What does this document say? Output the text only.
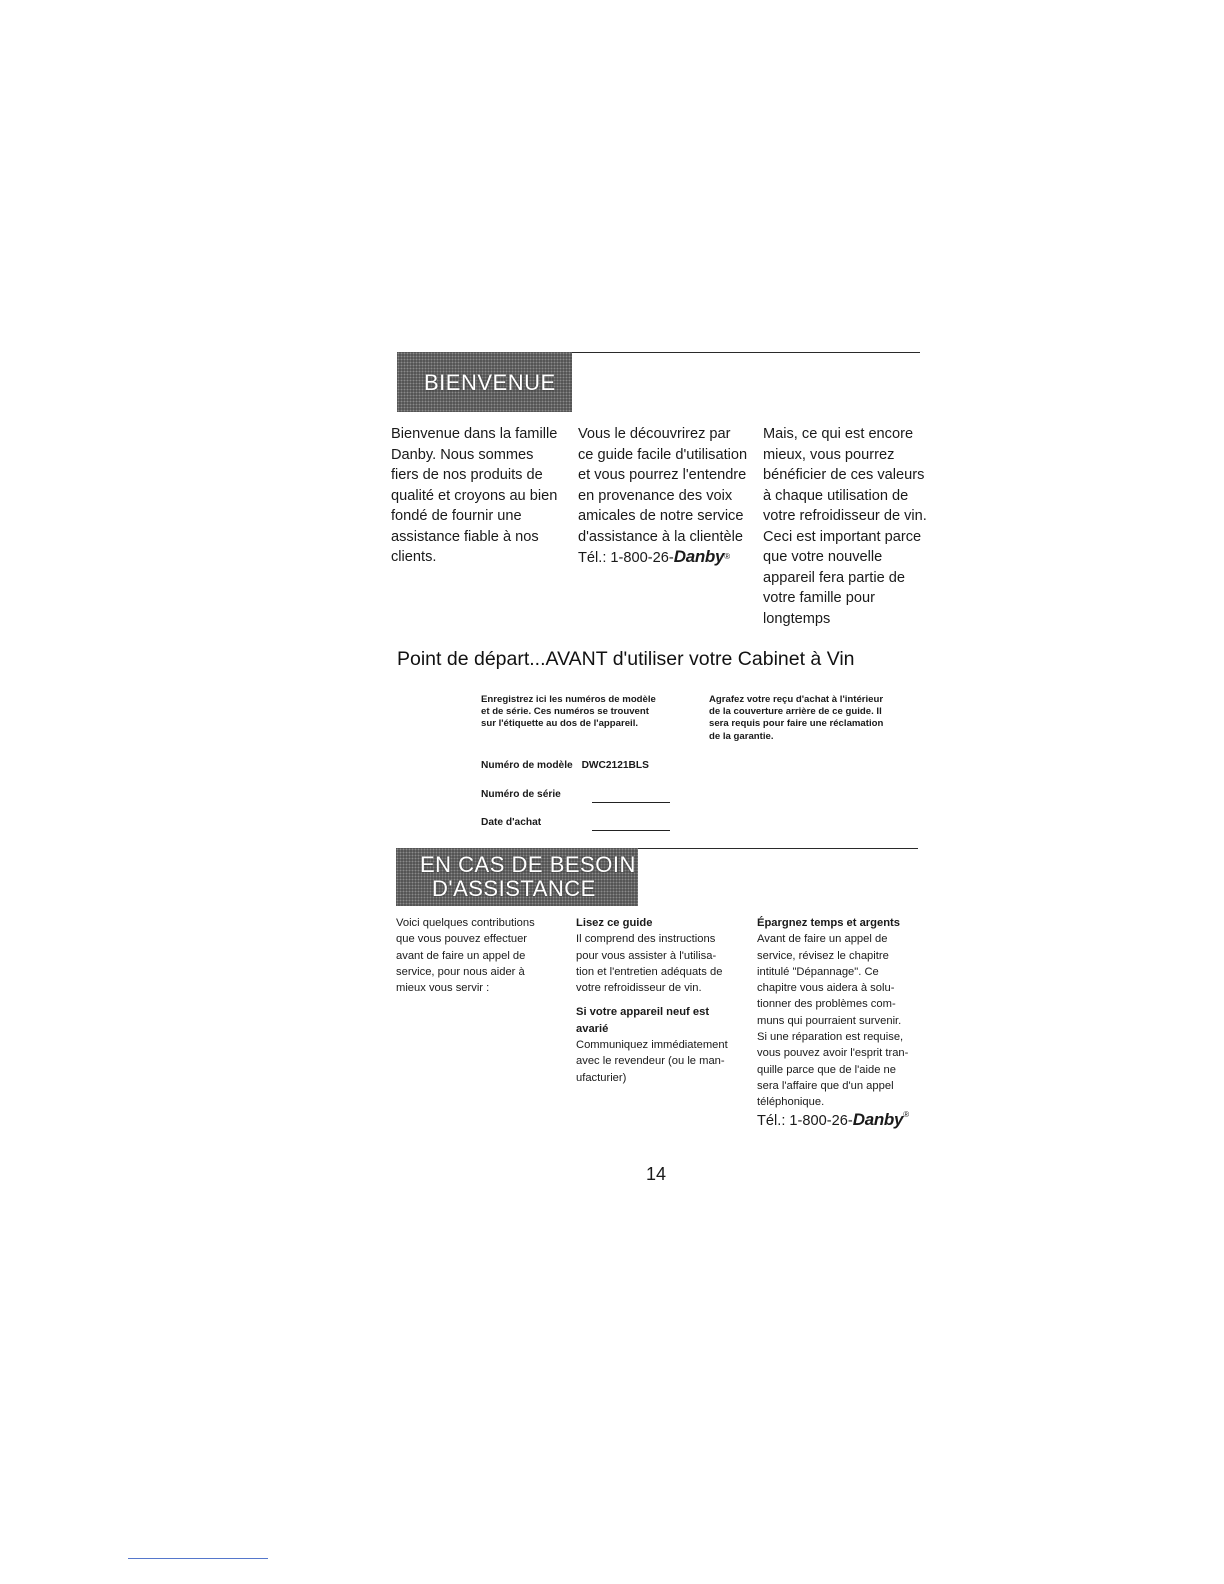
BIENVENUE
Bienvenue dans la famille
Danby. Nous sommes
fiers de nos produits de
qualité et croyons au bien
fondé de fournir une
assistance fiable à nos
clients.
Vous le découvrirez par
ce guide facile d'utilisation
et vous pourrez l'entendre
en provenance des voix
amicales de notre service
d'assistance à la clientèle
Tél.: 1-800-26-Danby®
Mais, ce qui est encore
mieux, vous pourrez
bénéficier de ces valeurs
à chaque utilisation de
votre refroidisseur de vin.
Ceci est important parce
que votre nouvelle
appareil fera partie de
votre famille pour
longtemps
Point de départ...AVANT d'utiliser votre Cabinet à Vin
Enregistrez ici les numéros de modèle
et de série. Ces numéros se trouvent
sur l'étiquette au dos de l'appareil.
Agrafez votre reçu d'achat à l'intérieur
de la couverture arrière de ce guide. Il
sera requis pour faire une réclamation
de la garantie.
Numéro de modèle DWC2121BLS
Numéro de série
Date d'achat
EN CAS DE BESOIN
D'ASSISTANCE
Voici quelques contributions
que vous pouvez effectuer
avant de faire un appel de
service, pour nous aider à
mieux vous servir :
Lisez ce guide
Il comprend des instructions
pour vous assister à l'utilisa-
tion et l'entretien adéquats de
votre refroidisseur de vin.
Si votre appareil neuf est
avarié
Communiquez immédiatement
avec le revendeur (ou le man-
ufacturier)
Épargnez temps et argents
Avant de faire un appel de
service, révisez le chapitre
intitulé "Dépannage". Ce
chapitre vous aidera à solu-
tionner des problèmes com-
muns qui pourraient survenir.
Si une réparation est requise,
vous pouvez avoir l'esprit tran-
quille parce que de l'aide ne
sera l'affaire que d'un appel
téléphonique.
Tél.: 1-800-26-Danby®
14
